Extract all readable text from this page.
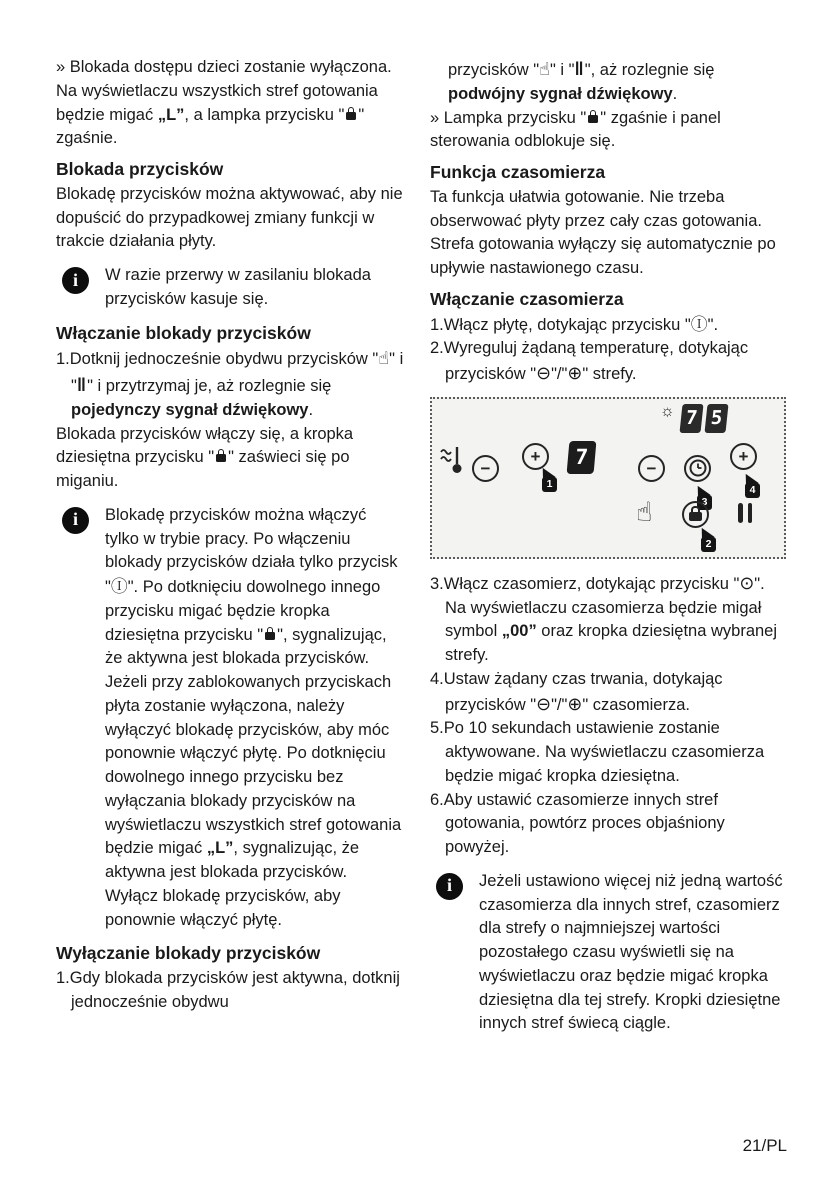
» Blokada dostępu dzieci zostanie wyłączona. Na wyświetlaczu wszystkich stref gotowania będzie migać „L”, a lampka przycisku " " zgaśnie.

Blokada przycisków

Blokadę przycisków można aktywować, aby nie dopuścić do przypadkowej zmiany funkcji w trakcie działania płyty.

i	W razie przerwy w zasilaniu blokada przycisków kasuje się.

Włączanie blokady przycisków

1.Dotknij jednocześnie obydwu przycisków "☝" i "‖" i przytrzymaj je, aż rozlegnie się pojedynczy sygnał dźwiękowy.

Blokada przycisków włączy się, a kropka dziesiętna przycisku " " zaświeci się po miganiu.

i	Blokadę przycisków można włączyć tylko w trybie pracy. Po włączeniu blokady przycisków działa tylko przycisk "Ⓘ". Po dotknięciu dowolnego innego przycisku migać będzie kropka dziesiętna przycisku " ", sygnalizując, że aktywna jest blokada przycisków. Jeżeli przy zablokowanych przyciskach płyta zostanie wyłączona, należy wyłączyć blokadę przycisków, aby móc ponownie włączyć płytę. Po dotknięciu dowolnego innego przycisku bez wyłączania blokady przycisków na wyświetlaczu wszystkich stref gotowania będzie migać „L”, sygnalizując, że aktywna jest blokada przycisków. Wyłącz blokadę przycisków, aby ponownie włączyć płytę.

Wyłączanie blokady przycisków

1.Gdy blokada przycisków jest aktywna, dotknij jednocześnie obydwu

przycisków "☝" i "‖", aż rozlegnie się podwójny sygnał dźwiękowy.

» Lampka przycisku " " zgaśnie i panel sterowania odblokuje się.

Funkcja czasomierza

Ta funkcja ułatwia gotowanie. Nie trzeba obserwować płyty przez cały czas gotowania. Strefa gotowania wyłączy się automatycznie po upływie nastawionego czasu.

Włączanie czasomierza

1.Włącz płytę, dotykając przycisku "Ⓘ".

2.Wyreguluj żądaną temperaturę, dotykając przycisków "⊖"/"⊕" strefy.

−
+	7
1
☼ 7 5
−
+
3
4
☝
2

3.Włącz czasomierz, dotykając przycisku "⊙". Na wyświetlaczu czasomierza będzie migał symbol „00” oraz kropka dziesiętna wybranej strefy.

4.Ustaw żądany czas trwania, dotykając przycisków "⊖"/"⊕" czasomierza.

5.Po 10 sekundach ustawienie zostanie aktywowane. Na wyświetlaczu czasomierza będzie migać kropka dziesiętna.

6.Aby ustawić czasomierze innych stref gotowania, powtórz proces objaśniony powyżej.

i	Jeżeli ustawiono więcej niż jedną wartość czasomierza dla innych stref, czasomierz dla strefy o najmniejszej wartości pozostałego czasu wyświetli się na wyświetlaczu oraz będzie migać kropka dziesiętna dla tej strefy. Kropki dziesiętne innych stref świecą ciągle.

21/PL
